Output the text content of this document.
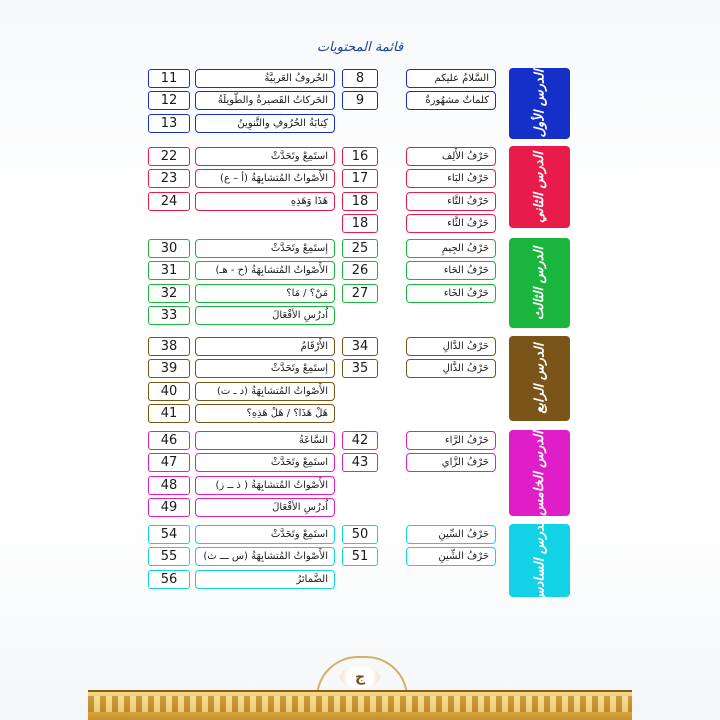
قائمة المحتويات
الدرس الأول
السَّلامُ عليكم
8
كلماتٌ مشهُورةٌ
9
الحُروفُ العَربيَّةُ
11
الحَركاتُ القَصيرةُ والطَّويلَةُ
12
كِتابَةُ الحُرُوفِ والتَّنوِينُ
13
الدرس الثاني
حَرْفُ الأَلِف
16
حَرْفُ البَاء
17
حَرْفُ التَّاء
18
حَرْفُ الثَّاء
18
استَمِعْ وتَحَدَّثْ
22
الأَصْواتُ المُتشابِهَةُ (أ – ع)
23
هَذَا وَهَذِهِ
24
الدرس الثالث
حَرْفُ الجِيمِ
25
حَرْفُ الحَاء
26
حَرْفُ الخَاء
27
إستَمِعْ وتَحَدَّثْ
30
الأَصْواتُ المُتشابِهَةُ (ح - هـ)
31
مَنْ؟ / مَا؟
32
اُدرُسِ الأفْعَالَ
33
الدرس الرابع
حَرْفُ الدَّالِ
34
حَرْفُ الذَّالِ
35
الأَرْقَامُ
38
إستَمِعْ وتَحَدَّثْ
39
الأَصْواتُ المُتشابِهَةُ (د ـ ت)
40
هَلْ هَذَا؟ / هَلْ هَذِهِ؟
41
الدرس الخامس
حَرْفُ الرَّاء
42
حَرْفُ الزَّاي
43
السَّاعَةُ
46
استَمِعْ وتَحَدَّثْ
47
الأَصْواتُ المُتشابِهَةُ ( ذ ــ ز)
48
اُدرُسِ الأفْعَالَ
49
الدرس السادس
حَرْفُ السِّينِ
50
حَرْفُ الشِّينِ
51
استَمِعْ وتَحَدَّثْ
54
الأَصْواتُ المُتشابِهَةُ (س ـــ ث)
55
الضَّمائرُ
56
ج
